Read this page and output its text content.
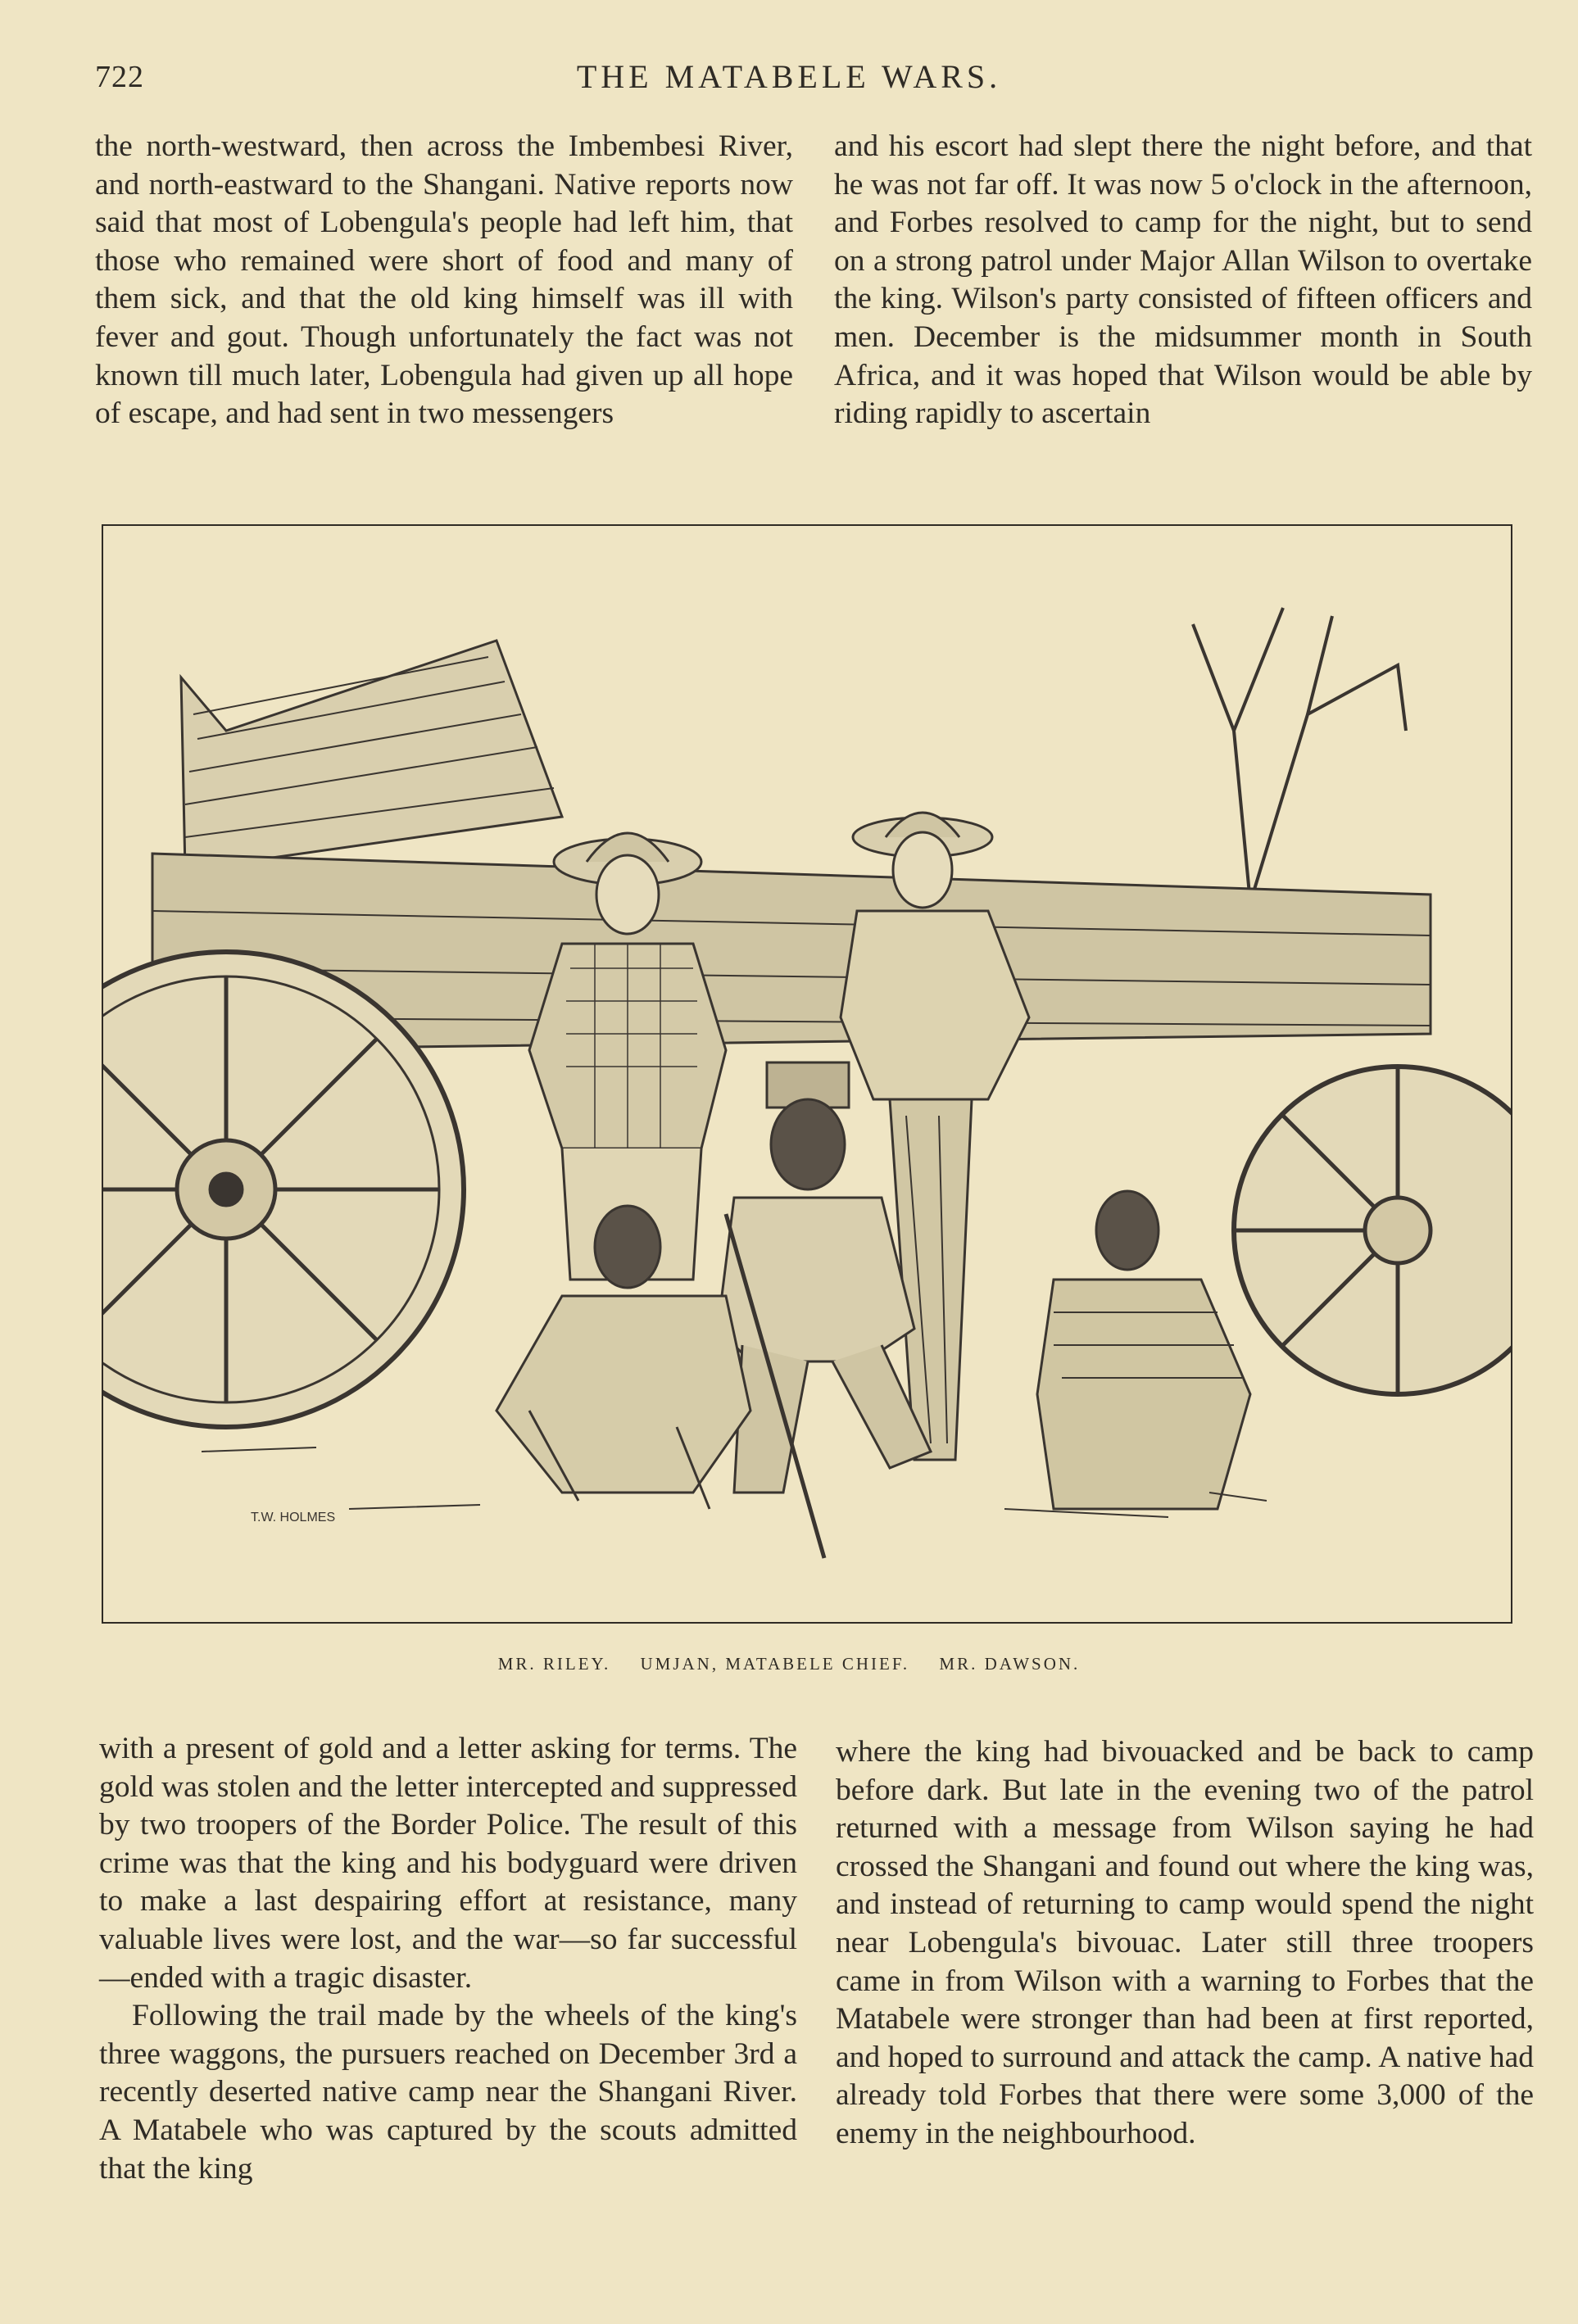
722	THE MATABELE WARS.

the north-westward, then across the Imbembesi River, and north-eastward to the Shangani. Native reports now said that most of Lobengula's people had left him, that those who remained were short of food and many of them sick, and that the old king himself was ill with fever and gout. Though unfortunately the fact was not known till much later, Lobengula had given up all hope of escape, and had sent in two messengers

and his escort had slept there the night before, and that he was not far off. It was now 5 o'clock in the afternoon, and Forbes resolved to camp for the night, but to send on a strong patrol under Major Allan Wilson to overtake the king. Wilson's party consisted of fifteen officers and men. December is the midsummer month in South Africa, and it was hoped that Wilson would be able by riding rapidly to ascertain

T.W. HOLMES
MR. RILEY. UMJAN, MATABELE CHIEF. MR. DAWSON.

with a present of gold and a letter asking for terms. The gold was stolen and the letter intercepted and suppressed by two troopers of the Border Police. The result of this crime was that the king and his bodyguard were driven to make a last despairing effort at resistance, many valuable lives were lost, and the war—so far successful—ended with a tragic disaster.

Following the trail made by the wheels of the king's three waggons, the pursuers reached on December 3rd a recently deserted native camp near the Shangani River. A Matabele who was captured by the scouts admitted that the king

where the king had bivouacked and be back to camp before dark. But late in the evening two of the patrol returned with a message from Wilson saying he had crossed the Shangani and found out where the king was, and instead of returning to camp would spend the night near Lobengula's bivouac. Later still three troopers came in from Wilson with a warning to Forbes that the Matabele were stronger than had been at first reported, and hoped to surround and attack the camp. A native had already told Forbes that there were some 3,000 of the enemy in the neighbourhood.
